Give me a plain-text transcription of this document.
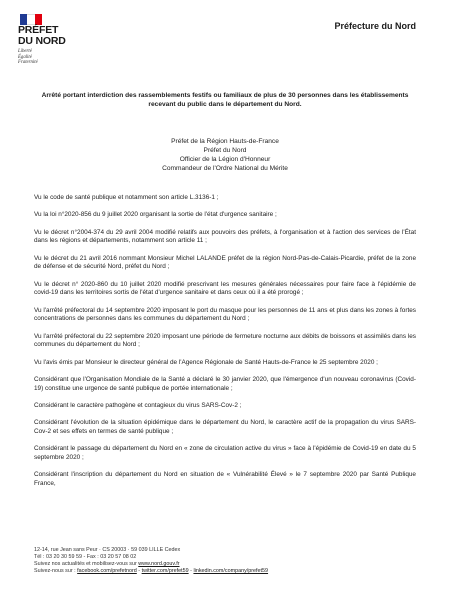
PRÉFET
DU NORD
Liberté
Égalité
Fraternité
Préfecture du Nord
Arrêté portant interdiction des rassemblements festifs ou familiaux de plus de 30 personnes dans les établissements recevant du public dans le département du Nord.
Préfet de la Région Hauts-de-France
Préfet du Nord
Officier de la Légion d'Honneur
Commandeur de l'Ordre National du Mérite

Vu le code de santé publique et notamment son article L.3136-1 ;

Vu la loi n°2020-856 du 9 juillet 2020 organisant la sortie de l'état d'urgence sanitaire ;

Vu le décret n°2004-374 du 29 avril 2004 modifié relatifs aux pouvoirs des préfets, à l'organisation et à l'action des services de l'État dans les régions et départements, notamment son article 11 ;

Vu le décret du 21 avril 2016 nommant Monsieur Michel LALANDE préfet de la région Nord-Pas-de-Calais-Picardie, préfet de la zone de défense et de sécurité Nord, préfet du Nord ;

Vu le décret n° 2020-860 du 10 juillet 2020 modifié prescrivant les mesures générales nécessaires pour faire face à l'épidémie de covid-19 dans les territoires sortis de l'état d'urgence sanitaire et dans ceux où il a été prorogé ;

Vu l'arrêté préfectoral du 14 septembre 2020 imposant le port du masque pour les personnes de 11 ans et plus dans les zones à fortes concentrations de personnes dans les communes du département du Nord ;

Vu l'arrêté préfectoral du 22 septembre 2020 imposant une période de fermeture nocturne aux débits de boissons et assimilés dans les communes du département du Nord ;

Vu l'avis émis par Monsieur le directeur général de l'Agence Régionale de Santé Hauts-de-France le 25 septembre 2020 ;

Considérant que l'Organisation Mondiale de la Santé a déclaré le 30 janvier 2020, que l'émergence d'un nouveau coronavirus (Covid-19) constitue une urgence de santé publique de portée internationale ;

Considérant le caractère pathogène et contagieux du virus SARS-Cov-2 ;

Considérant l'évolution de la situation épidémique dans le département du Nord, le caractère actif de la propagation du virus SARS-Cov-2 et ses effets en termes de santé publique ;

Considérant le passage du département du Nord en « zone de circulation active du virus » face à l'épidémie de Covid-19 en date du 5 septembre 2020 ;

Considérant l'inscription du département du Nord en situation de « Vulnérabilité Élevé » le 7 septembre 2020 par Santé Publique France,

12-14, rue Jean sans Peur · CS 20003 · 59 039 LILLE Cedex
Tél : 03 20 30 59 59 - Fax : 03 20 57 08 02
Suivez nos actualités et mobilisez-vous sur www.nord.gouv.fr
Suivez-nous sur : facebook.com/prefetnord - twitter.com/prefet59 - linkedin.com/company/prefet59
